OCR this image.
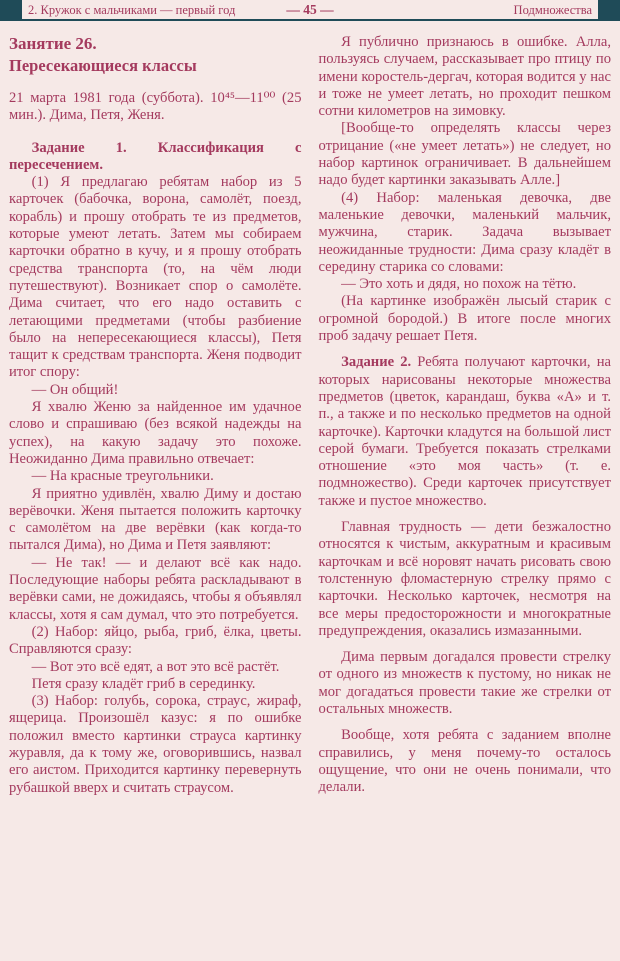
2. Кружок с мальчиками — первый год	— 45 —	Подмножества

Занятие 26.

Пересекающиеся классы

21 марта 1981 года (суббота). 10⁴⁵—11⁰⁰ (25 мин.). Дима, Петя, Женя.

Задание 1. Классификация с пересечением.

(1) Я предлагаю ребятам набор из 5 карточек (бабочка, ворона, самолёт, поезд, корабль) и прошу отобрать те из предметов, которые умеют летать. Затем мы собираем карточки обратно в кучу, и я прошу отобрать средства транспорта (то, на чём люди путешествуют). Возникает спор о самолёте. Дима считает, что его надо оставить с летающими предметами (чтобы разбиение было на непересекающиеся классы), Петя тащит к средствам транспорта. Женя подводит итог спору:

— Он общий!

Я хвалю Женю за найденное им удачное слово и спрашиваю (без всякой надежды на успех), на какую задачу это похоже. Неожиданно Дима правильно отвечает:

— На красные треугольники.

Я приятно удивлён, хвалю Диму и достаю верёвочки. Женя пытается положить карточку с самолётом на две верёвки (как когда-то пытался Дима), но Дима и Петя заявляют:

— Не так! — и делают всё как надо. Последующие наборы ребята раскладывают в верёвки сами, не дожидаясь, чтобы я объявлял классы, хотя я сам думал, что это потребуется.

(2) Набор: яйцо, рыба, гриб, ёлка, цветы. Справляются сразу:

— Вот это всё едят, а вот это всё растёт.

Петя сразу кладёт гриб в серединку.

(3) Набор: голубь, сорока, страус, жираф, ящерица. Произошёл казус: я по ошибке положил вместо картинки страуса картинку журавля, да к тому же, оговорившись, назвал его аистом. Приходится картинку перевернуть рубашкой вверх и считать страусом.

Я публично признаюсь в ошибке. Алла, пользуясь случаем, рассказывает про птицу по имени коростель-дергач, которая водится у нас и тоже не умеет летать, но проходит пешком сотни километров на зимовку.

[Вообще-то определять классы через отрицание («не умеет летать») не следует, но набор картинок ограничивает. В дальнейшем надо будет картинки заказывать Алле.]

(4) Набор: маленькая девочка, две маленькие девочки, маленький мальчик, мужчина, старик. Задача вызывает неожиданные трудности: Дима сразу кладёт в середину старика со словами:

— Это хоть и дядя, но похож на тётю.

(На картинке изображён лысый старик с огромной бородой.) В итоге после многих проб задачу решает Петя.

Задание 2. Ребята получают карточки, на которых нарисованы некоторые множества предметов (цветок, карандаш, буква «А» и т. п., а также и по несколько предметов на одной карточке). Карточки кладутся на большой лист серой бумаги. Требуется показать стрелками отношение «это моя часть» (т. е. подмножество). Среди карточек присутствует также и пустое множество.

Главная трудность — дети безжалостно относятся к чистым, аккуратным и красивым карточкам и всё норовят начать рисовать свою толстенную фломастерную стрелку прямо с карточки. Несколько карточек, несмотря на все меры предосторожности и многократные предупреждения, оказались измазанными.

Дима первым догадался провести стрелку от одного из множеств к пустому, но никак не мог догадаться провести такие же стрелки от остальных множеств.

Вообще, хотя ребята с заданием вполне справились, у меня почему-то осталось ощущение, что они не очень понимали, что делали.
